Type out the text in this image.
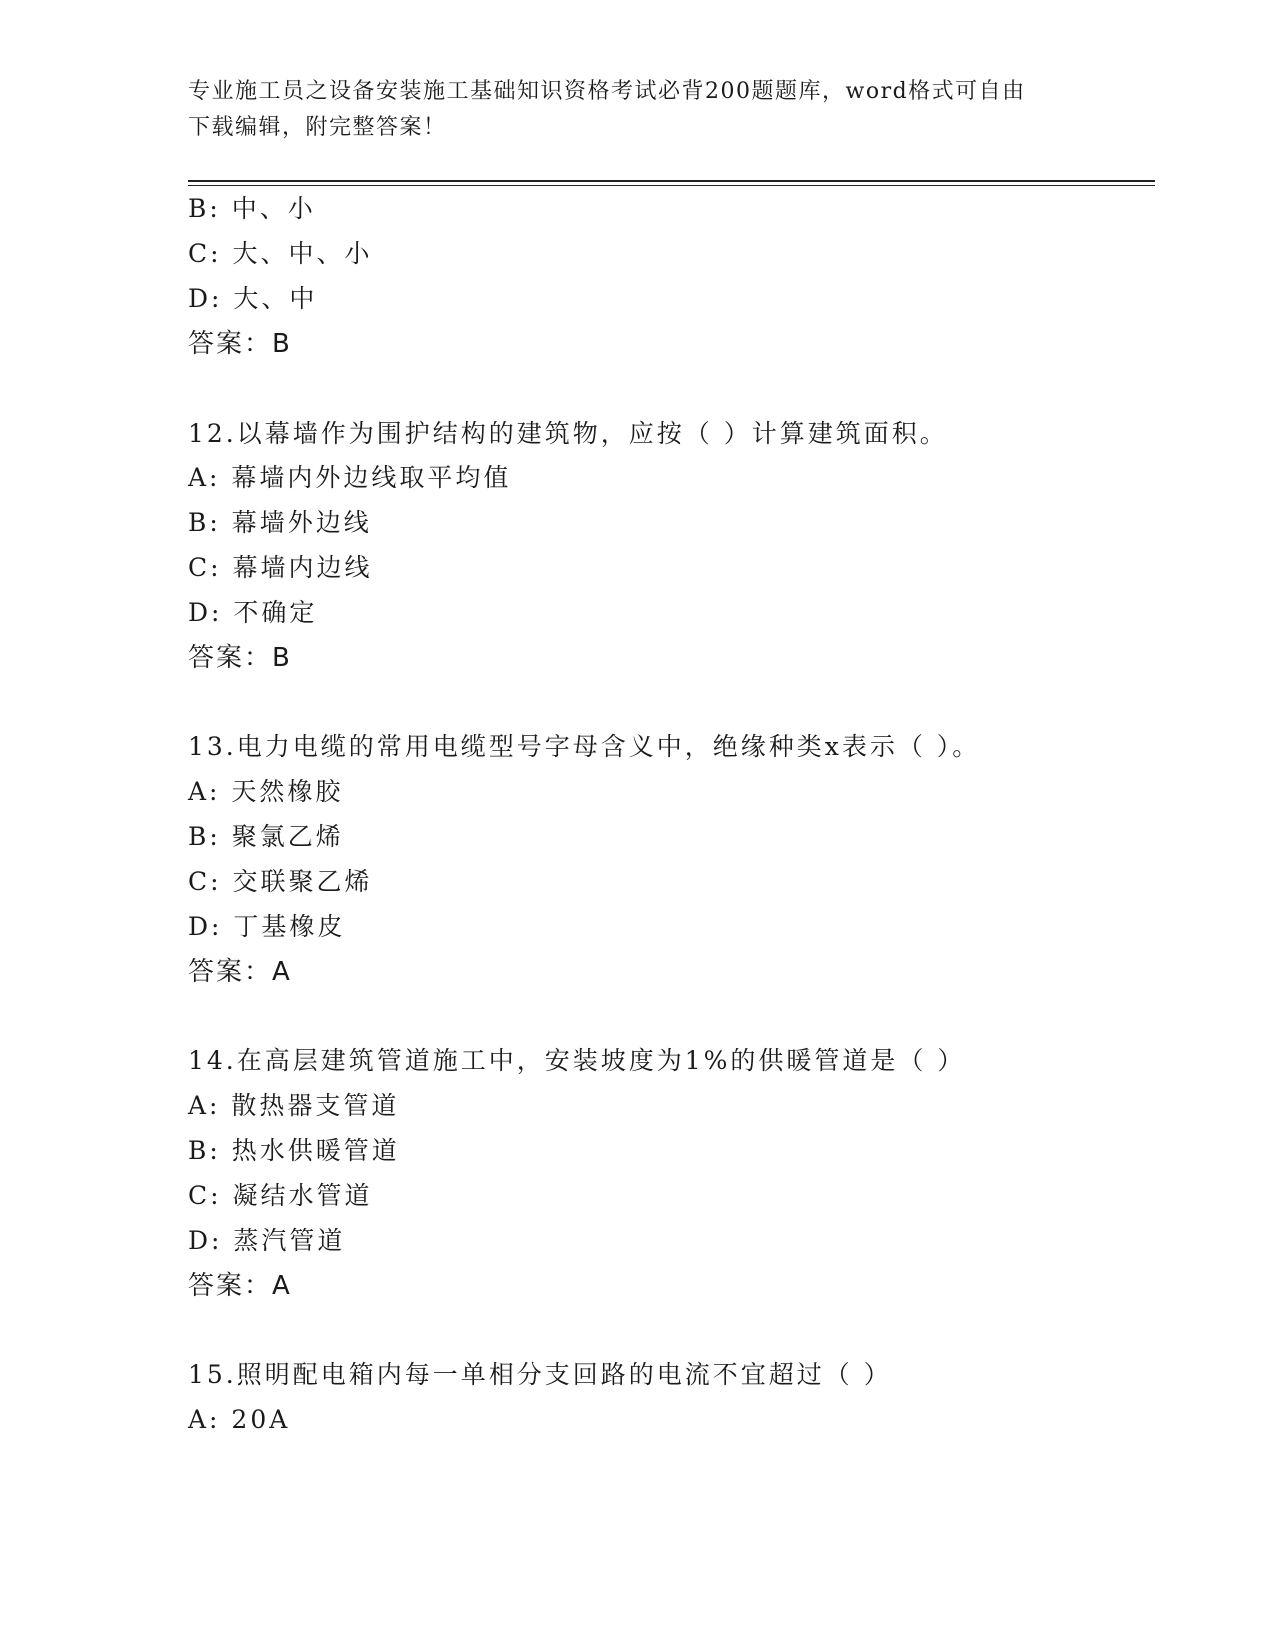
专业施工员之设备安装施工基础知识资格考试必背200题题库，word格式可自由
下载编辑，附完整答案！
B: 中、小
C: 大、中、小
D: 大、中
答案：B
12.以幕墙作为围护结构的建筑物，应按（ ）计算建筑面积。
A: 幕墙内外边线取平均值
B: 幕墙外边线
C: 幕墙内边线
D: 不确定
答案：B
13.电力电缆的常用电缆型号字母含义中，绝缘种类x表示（ ）。
A: 天然橡胶
B: 聚氯乙烯
C: 交联聚乙烯
D: 丁基橡皮
答案：A
14.在高层建筑管道施工中，安装坡度为1%的供暖管道是（ ）
A: 散热器支管道
B: 热水供暖管道
C: 凝结水管道
D: 蒸汽管道
答案：A
15.照明配电箱内每一单相分支回路的电流不宜超过（ ）
A: 20A
